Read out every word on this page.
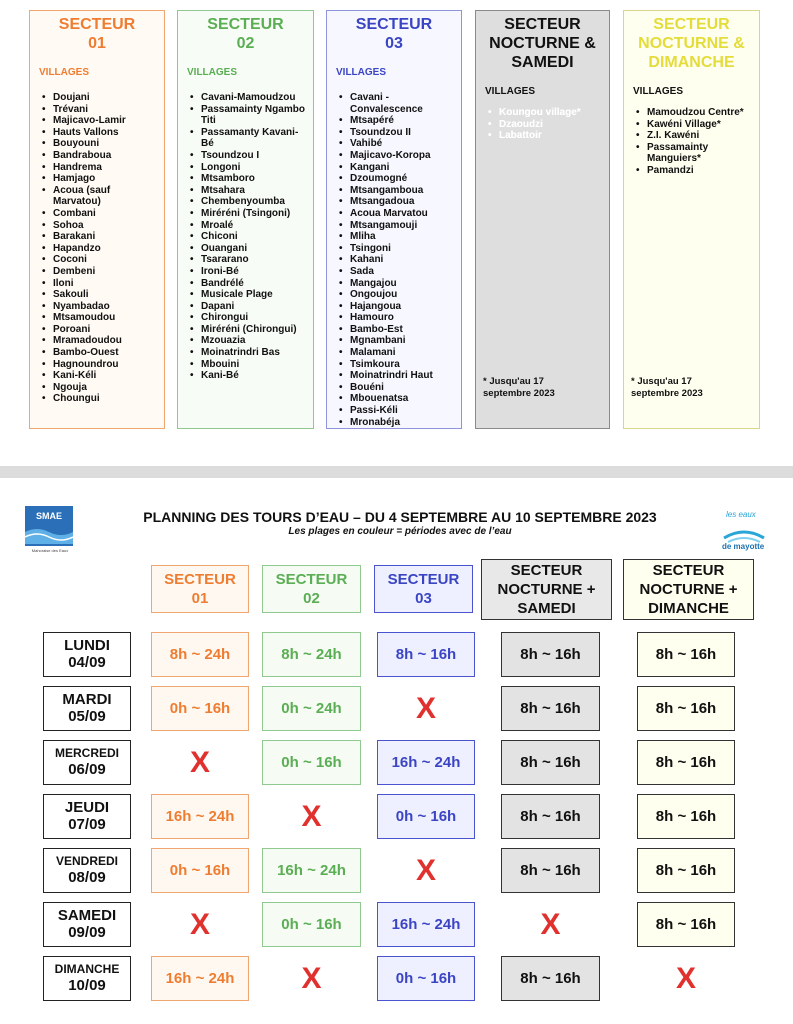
SECTEUR
01
VILLAGES
• Doujani
• Trévani
• Majicavo-Lamir
• Hauts Vallons
• Bouyouni
• Bandraboua
• Handrema
• Hamjago
• Acoua (sauf Marvatou)
• Combani
• Sohoa
• Barakani
• Hapandzo
• Coconi
• Dembeni
• Iloni
• Sakouli
• Nyambadao
• Mtsamoudou
• Poroani
• Mramadoudou
• Bambo-Ouest
• Hagnoundrou
• Kani-Kéli
• Ngouja
• Choungui
SECTEUR
02
VILLAGES
• Cavani-Mamoudzou
• Passamainty Ngambo Titi
• Passamanty Kavani-Bé
• Tsoundzou I
• Longoni
• Mtsamboro
• Mtsahara
• Chembenyoumba
• Miréréni (Tsingoni)
• Mroalé
• Chiconi
• Ouangani
• Tsararano
• Ironi-Bé
• Bandrélé
• Musicale Plage
• Dapani
• Chirongui
• Miréréni (Chirongui)
• Mzouazia
• Moinatrindri Bas
• Mbouini
• Kani-Bé
SECTEUR
03
VILLAGES
• Cavani - Convalescence
• Mtsapéré
• Tsoundzou II
• Vahibé
• Majicavo-Koropa
• Kangani
• Dzoumogné
• Mtsangamboua
• Mtsangadoua
• Acoua Marvatou
• Mtsangamouji
• Mliha
• Tsingoni
• Kahani
• Sada
• Mangajou
• Ongoujou
• Hajangoua
• Hamouro
• Bambo-Est
• Mgnambani
• Malamani
• Tsimkoura
• Moinatrindri Haut
• Bouéni
• Mbouenatsa
• Passi-Kéli
• Mronabéja
SECTEUR
NOCTURNE &
SAMEDI
VILLAGES
• Koungou village*
• Dzaoudzi
• Labattoir
* Jusqu'au 17
septembre 2023
SECTEUR
NOCTURNE &
DIMANCHE
VILLAGES
• Mamoudzou Centre*
• Kawéni Village*
• Z.I. Kawéni
• Passamainty Manguiers*
• Pamandzi
* Jusqu'au 17
septembre 2023
SMAE
Mahoraise des Eaux
les eaux
de mayotte
PLANNING DES TOURS D’EAU – DU 4 SEPTEMBRE AU 10 SEPTEMBRE 2023
Les plages en couleur = périodes avec de l’eau
SECTEUR
01
SECTEUR
02
SECTEUR
03
SECTEUR
NOCTURNE +
SAMEDI
SECTEUR
NOCTURNE +
DIMANCHE
LUNDI
04/09	8h ~ 24h	8h ~ 24h	8h ~ 16h	8h ~ 16h	8h ~ 16h
MARDI
05/09	0h ~ 16h	0h ~ 24h	X	8h ~ 16h	8h ~ 16h
MERCREDI
06/09	X	0h ~ 16h	16h ~ 24h	8h ~ 16h	8h ~ 16h
JEUDI
07/09	16h ~ 24h	X	0h ~ 16h	8h ~ 16h	8h ~ 16h
VENDREDI
08/09	0h ~ 16h	16h ~ 24h	X	8h ~ 16h	8h ~ 16h
SAMEDI
09/09	X	0h ~ 16h	16h ~ 24h	X	8h ~ 16h
DIMANCHE
10/09	16h ~ 24h	X	0h ~ 16h	8h ~ 16h	X
